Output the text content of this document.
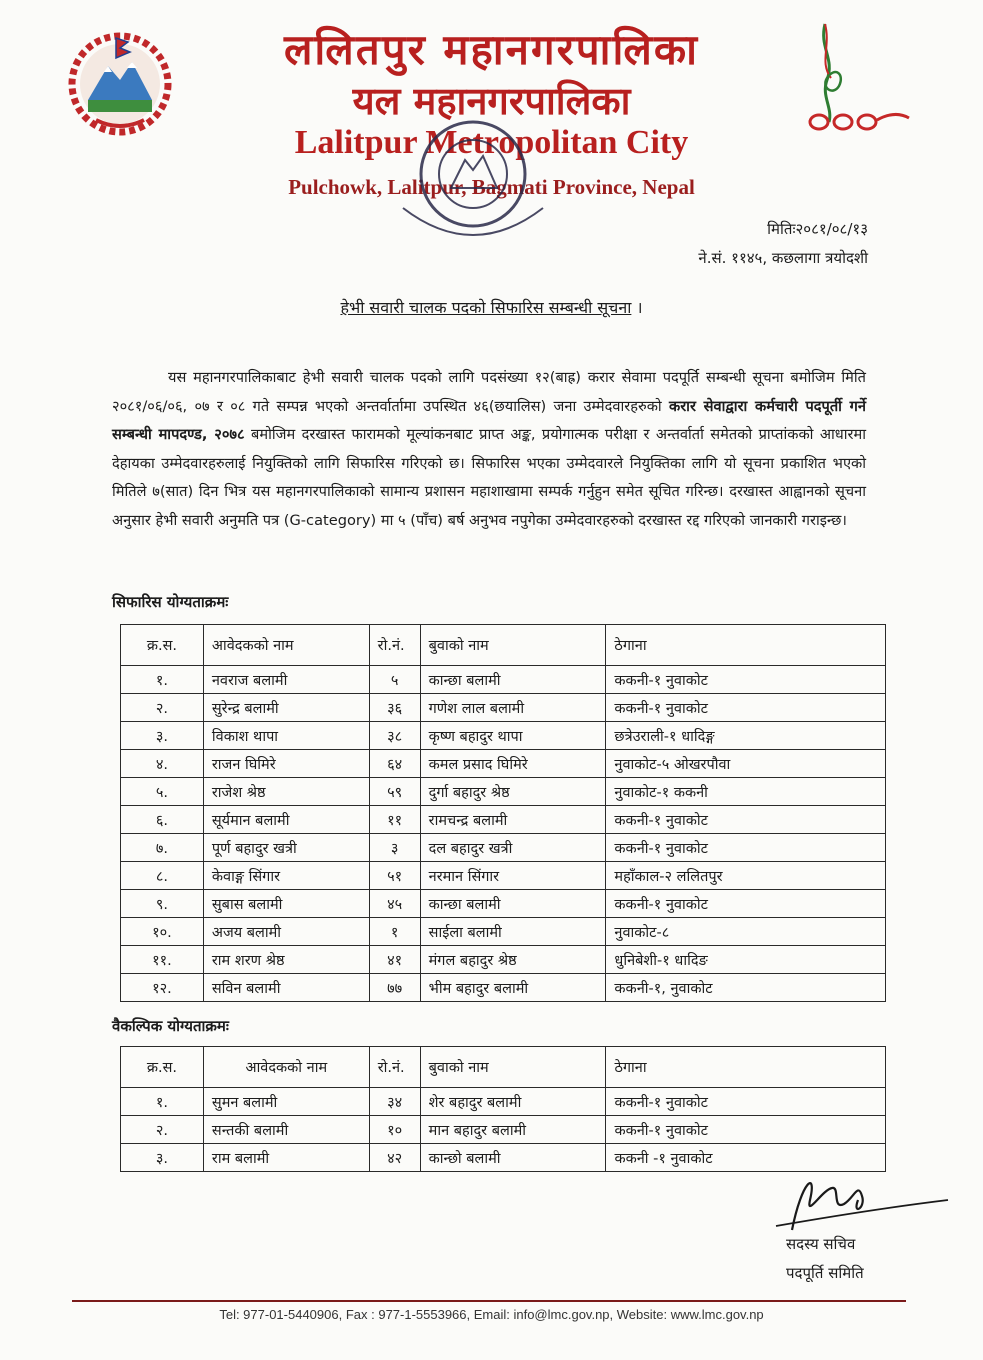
ललितपुर महानगरपालिका
यल महानगरपालिका
Lalitpur Metropolitan City
Pulchowk, Lalitpur, Bagmati Province, Nepal
मितिः२०८१/०८/१३
ने.सं. ११४५, कछलागा त्रयोदशी
हेभी सवारी चालक पदको सिफारिस सम्बन्धी सूचना ।
यस महानगरपालिकाबाट हेभी सवारी चालक पदको लागि पदसंख्या १२(बाह्र) करार सेवामा पदपूर्ति सम्बन्धी सूचना बमोजिम मिति २०८१/०६/०६, ०७ र ०८ गते सम्पन्न भएको अन्तर्वार्तामा उपस्थित ४६(छयालिस) जना उम्मेदवारहरुको करार सेवाद्वारा कर्मचारी पदपूर्ती गर्ने सम्बन्धी मापदण्ड, २०७८ बमोजिम दरखास्त फारामको मूल्यांकनबाट प्राप्त अङ्क, प्रयोगात्मक परीक्षा र अन्तर्वार्ता समेतको प्राप्तांकको आधारमा देहायका उम्मेदवारहरुलाई नियुक्तिको लागि सिफारिस गरिएको छ। सिफारिस भएका उम्मेदवारले नियुक्तिका लागि यो सूचना प्रकाशित भएको मितिले ७(सात) दिन भित्र यस महानगरपालिकाको सामान्य प्रशासन महाशाखामा सम्पर्क गर्नुहुन समेत सूचित गरिन्छ। दरखास्त आह्वानको सूचना अनुसार हेभी सवारी अनुमति पत्र (G-category) मा ५ (पाँच) बर्ष अनुभव नपुगेका उम्मेदवारहरुको दरखास्त रद्द गरिएको जानकारी गराइन्छ।
सिफारिस योग्यताक्रमः
क्र.स.	आवेदकको नाम	रो.नं.	बुवाको नाम	ठेगाना
१.	नवराज बलामी	५	कान्छा बलामी	ककनी-१ नुवाकोट
२.	सुरेन्द्र बलामी	३६	गणेश लाल बलामी	ककनी-१ नुवाकोट
३.	विकाश थापा	३८	कृष्ण बहादुर थापा	छत्रेउराली-१ धादिङ्ग
४.	राजन घिमिरे	६४	कमल प्रसाद घिमिरे	नुवाकोट-५ ओखरपौवा
५.	राजेश श्रेष्ठ	५९	दुर्गा बहादुर श्रेष्ठ	नुवाकोट-१ ककनी
६.	सूर्यमान बलामी	११	रामचन्द्र बलामी	ककनी-१ नुवाकोट
७.	पूर्ण बहादुर खत्री	३	दल बहादुर खत्री	ककनी-१ नुवाकोट
८.	केवाङ्ग सिंगार	५१	नरमान सिंगार	महाँकाल-२ ललितपुर
९.	सुबास बलामी	४५	कान्छा बलामी	ककनी-१ नुवाकोट
१०.	अजय बलामी	१	साईला बलामी	नुवाकोट-८
११.	राम शरण श्रेष्ठ	४१	मंगल बहादुर श्रेष्ठ	धुनिबेशी-१ धादिङ
१२.	सविन बलामी	७७	भीम बहादुर बलामी	ककनी-१, नुवाकोट
वैकल्पिक योग्यताक्रमः
क्र.स.	आवेदकको नाम	रो.नं.	बुवाको नाम	ठेगाना
१.	सुमन बलामी	३४	शेर बहादुर बलामी	ककनी-१ नुवाकोट
२.	सन्तकी बलामी	१०	मान बहादुर बलामी	ककनी-१ नुवाकोट
३.	राम बलामी	४२	कान्छो बलामी	ककनी -१ नुवाकोट
सदस्य सचिव
पदपूर्ति समिति
Tel: 977-01-5440906, Fax : 977-1-5553966, Email: info@lmc.gov.np, Website: www.lmc.gov.np
